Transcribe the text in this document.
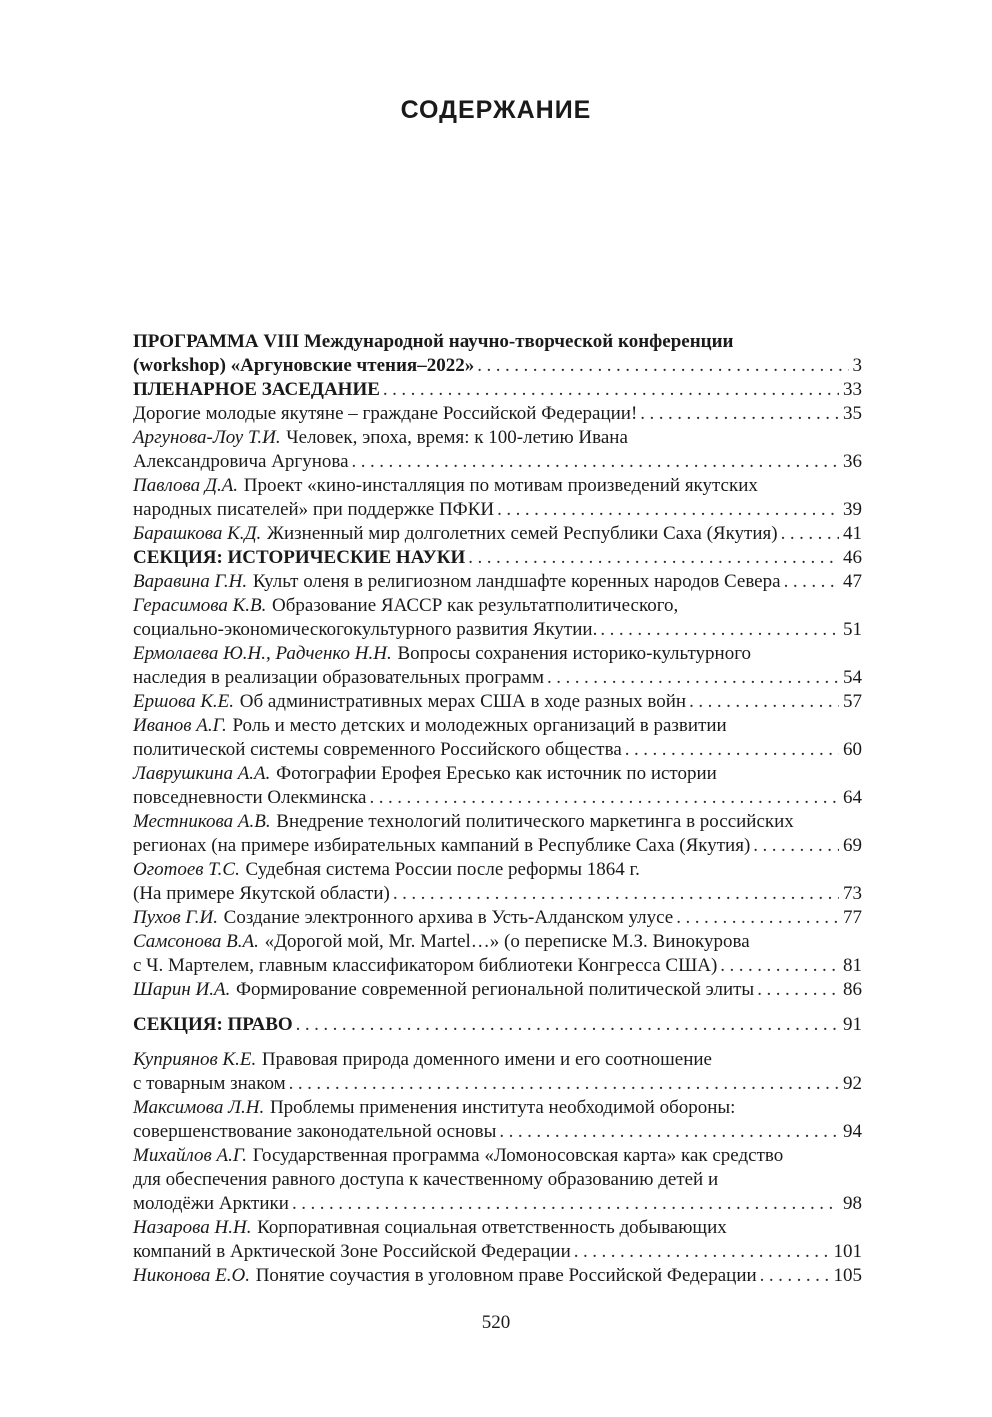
СОДЕРЖАНИЕ
ПРОГРАММА VIII Международной научно-творческой конференции
(workshop) «Аргуновские чтения–2022» .....	3
ПЛЕНАРНОЕ ЗАСЕДАНИЕ .....	33
Дорогие молодые якутяне – граждане Российской Федерации! .....	35
Аргунова-Лоу Т.И. Человек, эпоха, время: к 100-летию Ивана
Александровича Аргунова .....	36
Павлова Д.А. Проект «кино-инсталляция по мотивам произведений якутских
народных писателей» при поддержке ПФКИ .....	39
Барашкова К.Д. Жизненный мир долголетних семей Республики Саха (Якутия) .....	41
СЕКЦИЯ: ИСТОРИЧЕСКИЕ НАУКИ .....	46
Варавина Г.Н. Культ оленя в религиозном ландшафте коренных народов Севера .....	47
Герасимова К.В. Образование ЯАССР как результатполитического,
социально-экономическогокультурного развития Якутии. .....	51
Ермолаева Ю.Н., Радченко Н.Н. Вопросы сохранения историко-культурного
наследия в реализации образовательных программ .....	54
Ершова К.Е. Об административных мерах США в ходе разных войн .....	57
Иванов А.Г. Роль и место детских и молодежных организаций в развитии
политической системы современного Российского общества .....	60
Лаврушкина А.А. Фотографии Ерофея Ересько как источник по истории
повседневности Олекминска .....	64
Местникова А.В. Внедрение технологий политического маркетинга в российских
регионах (на примере избирательных кампаний в Республике Саха (Якутия) .....	69
Оготоев Т.С. Судебная система России после реформы 1864 г.
(На примере Якутской области) .....	73
Пухов Г.И. Создание электронного архива в Усть-Алданском улусе .....	77
Самсонова В.А. «Дорогой мой, Mr. Martel…» (о переписке М.З. Винокурова
с Ч. Мартелем, главным классификатором библиотеки Конгресса США) .....	81
Шарин И.А. Формирование современной региональной политической элиты .....	86
СЕКЦИЯ: ПРАВО .....	91
Куприянов К.Е. Правовая природа доменного имени и его соотношение
с товарным знаком .....	92
Максимова Л.Н. Проблемы применения института необходимой обороны:
совершенствование законодательной основы .....	94
Михайлов А.Г. Государственная программа «Ломоносовская карта» как средство
для обеспечения равного доступа к качественному образованию детей и
молодёжи Арктики .....	98
Назарова Н.Н. Корпоративная социальная ответственность добывающих
компаний в Арктической Зоне Российской Федерации .....	101
Никонова Е.О. Понятие соучастия в уголовном праве Российской Федерации .....	105
520
